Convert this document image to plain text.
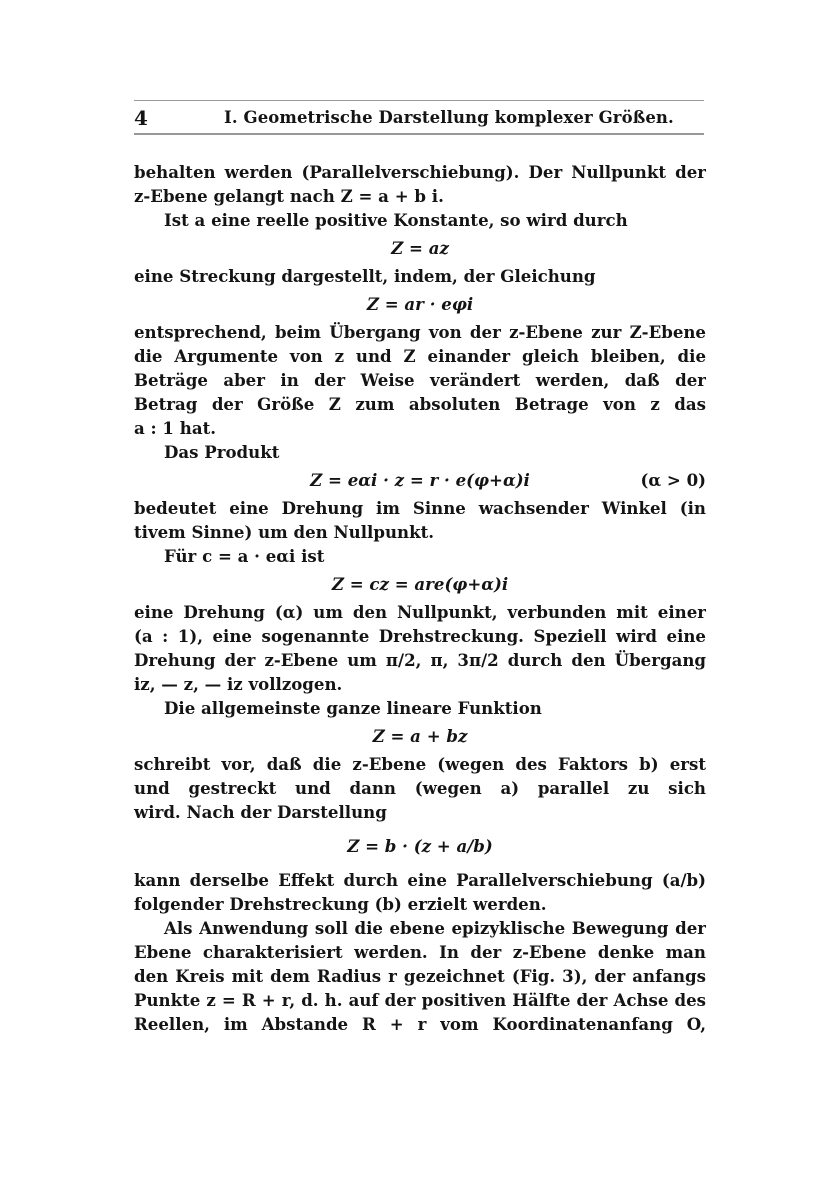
4	I. Geometrische Darstellung komplexer Größen.
behalten werden (Parallelverschiebung). Der Nullpunkt der
z-Ebene gelangt nach Z = a + b i.
Ist a eine reelle positive Konstante, so wird durch
Z = az
eine Streckung dargestellt, indem, der Gleichung
Z = ar · eφi
entsprechend, beim Übergang von der z-Ebene zur Z-Ebene
die Argumente von z und Z einander gleich bleiben, die
Beträge aber in der Weise verändert werden, daß der
Betrag der Größe Z zum absoluten Betrage von z das
a : 1 hat.
Das Produkt
Z = eαi · z = r · e(φ+α)i	(α > 0)
bedeutet eine Drehung im Sinne wachsender Winkel (in
tivem Sinne) um den Nullpunkt.
Für c = a · eαi ist
Z = cz = are(φ+α)i
eine Drehung (α) um den Nullpunkt, verbunden mit einer
(a : 1), eine sogenannte Drehstreckung. Speziell wird eine
Drehung der z-Ebene um π/2, π, 3π/2 durch den Übergang
iz, — z, — iz vollzogen.
Die allgemeinste ganze lineare Funktion
Z = a + bz
schreibt vor, daß die z-Ebene (wegen des Faktors b) erst
und gestreckt und dann (wegen a) parallel zu sich
wird. Nach der Darstellung
Z = b · (z + a/b)
kann derselbe Effekt durch eine Parallelverschiebung (a/b)
folgender Drehstreckung (b) erzielt werden.
Als Anwendung soll die ebene epizyklische Bewegung der
Ebene charakterisiert werden. In der z-Ebene denke man
den Kreis mit dem Radius r gezeichnet (Fig. 3), der anfangs
Punkte z = R + r, d. h. auf der positiven Hälfte der Achse des
Reellen, im Abstande R + r vom Koordinatenanfang O,
